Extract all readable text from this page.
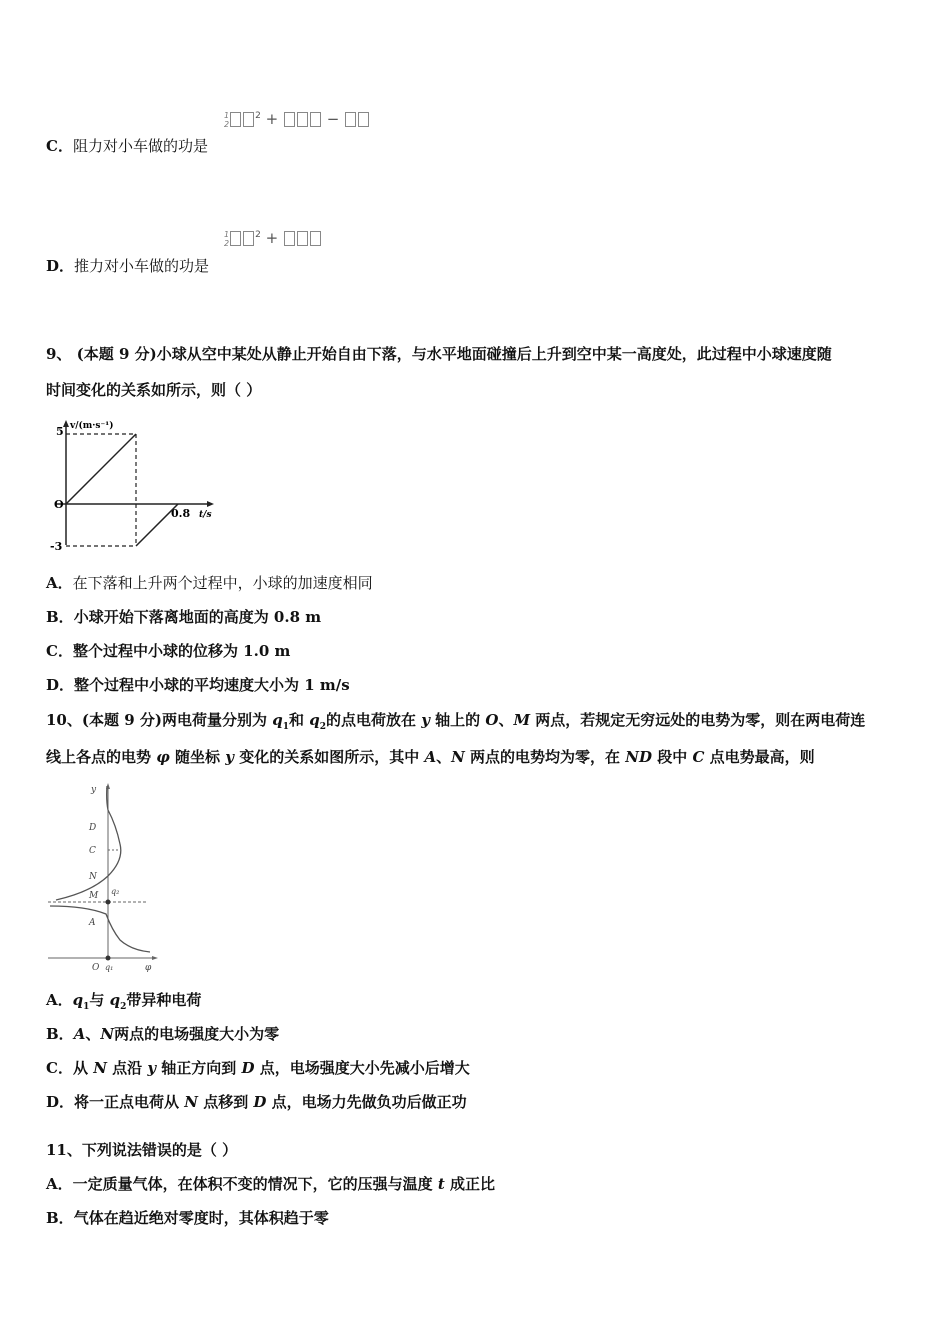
C．阻力对小车做的功是
1
$2^2$ +	−
D．推力对小车做的功是
1
$2^2$ +
9、 (本题 9 分)小球从空中某处从静止开始自由下落，与水平地面碰撞后上升到空中某一高度处，此过程中小球速度随
时间变化的关系如所示，则（ ）
v/(m·s⁻¹)
t/s
5
O
-3
0.8
A．在下落和上升两个过程中，小球的加速度相同
B．小球开始下落离地面的高度为 0.8 m
C．整个过程中小球的位移为 1.0 m
D．整个过程中小球的平均速度大小为 1 m/s
10、(本题 9 分)两电荷量分别为 $q_1$和 $q_2$的点电荷放在 y 轴上的 O、M 两点，若规定无穷远处的电势为零，则在两电荷连
线上各点的电势 φ 随坐标 y 变化的关系如图所示，其中 A、N 两点的电势均为零，在 ND 段中 C 点电势最高，则
y
D
C
N
M q₂
A
O q₁	φ
A．$q_1$与 $q_2$带异种电荷
B．A、N两点的电场强度大小为零
C．从 N 点沿 y 轴正方向到 D 点，电场强度大小先减小后增大
D．将一正点电荷从 N 点移到 D 点，电场力先做负功后做正功
11、下列说法错误的是（ ）
A．一定质量气体，在体积不变的情况下，它的压强与温度 t 成正比
B．气体在趋近绝对零度时，其体积趋于零
